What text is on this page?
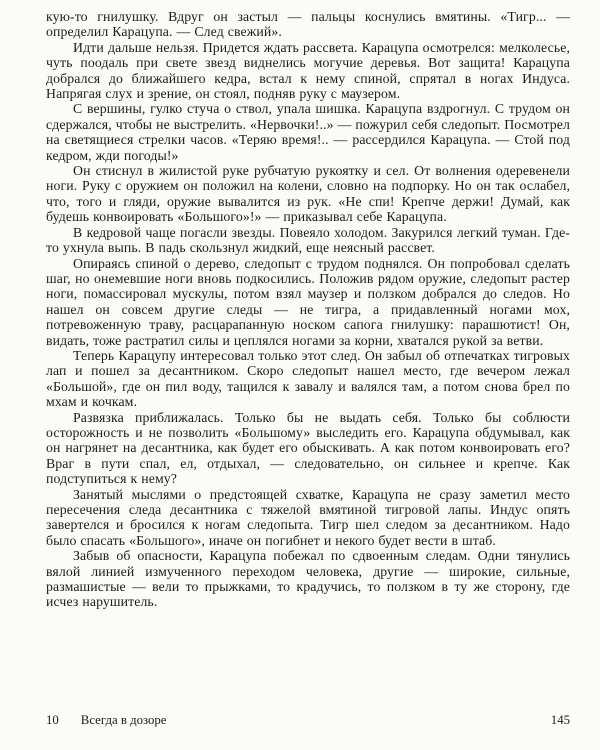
кую-то гнилушку. Вдруг он застыл — пальцы коснулись вмятины. «Тигр... — определил Карацупа. — След свежий».

Идти дальше нельзя. Придется ждать рассвета. Карацупа осмотрелся: мелколесье, чуть поодаль при свете звезд виднелись могучие деревья. Вот защита! Карацупа добрался до ближайшего кедра, встал к нему спиной, спрятал в ногах Индуса. Напрягая слух и зрение, он стоял, подняв руку с маузером.

С вершины, гулко стуча о ствол, упала шишка. Карацупа вздрогнул. С трудом он сдержался, чтобы не выстрелить. «Нервочки!..» — пожурил себя следопыт. Посмотрел на светящиеся стрелки часов. «Теряю время!.. — рассердился Карацупа. — Стой под кедром, жди погоды!»

Он стиснул в жилистой руке рубчатую рукоятку и сел. От волнения одеревенели ноги. Руку с оружием он положил на колени, словно на подпорку. Но он так ослабел, что, того и гляди, оружие вывалится из рук. «Не спи! Крепче держи! Думай, как будешь конвоировать «Большого»!» — приказывал себе Карацупа.

В кедровой чаще погасли звезды. Повеяло холодом. Закурился легкий туман. Где-то ухнула выпь. В падь скользнул жидкий, еще неясный рассвет.

Опираясь спиной о дерево, следопыт с трудом поднялся. Он попробовал сделать шаг, но онемевшие ноги вновь подкосились. Положив рядом оружие, следопыт растер ноги, помассировал мускулы, потом взял маузер и ползком добрался до следов. Но нашел он совсем другие следы — не тигра, а придавленный ногами мох, потревоженную траву, расцарапанную носком сапога гнилушку: парашютист! Он, видать, тоже растратил силы и цеплялся ногами за корни, хватался рукой за ветви.

Теперь Карацупу интересовал только этот след. Он забыл об отпечатках тигровых лап и пошел за десантником. Скоро следопыт нашел место, где вечером лежал «Большой», где он пил воду, тащился к завалу и валялся там, а потом снова брел по мхам и кочкам.

Развязка приближалась. Только бы не выдать себя. Только бы соблюсти осторожность и не позволить «Большому» выследить его. Карацупа обдумывал, как он нагрянет на десантника, как будет его обыскивать. А как потом конвоировать его? Враг в пути спал, ел, отдыхал, — следовательно, он сильнее и крепче. Как подступиться к нему?

Занятый мыслями о предстоящей схватке, Карацупа не сразу заметил место пересечения следа десантника с тяжелой вмятиной тигровой лапы. Индус опять завертелся и бросился к ногам следопыта. Тигр шел следом за десантником. Надо было спасать «Большого», иначе он погибнет и некого будет вести в штаб.

Забыв об опасности, Карацупа побежал по сдвоенным следам. Одни тянулись вялой линией измученного переходом человека, другие — широкие, сильные, размашистые — вели то прыжками, то крадучись, то ползком в ту же сторону, где исчез нарушитель.

10 Всегда в дозоре	145
